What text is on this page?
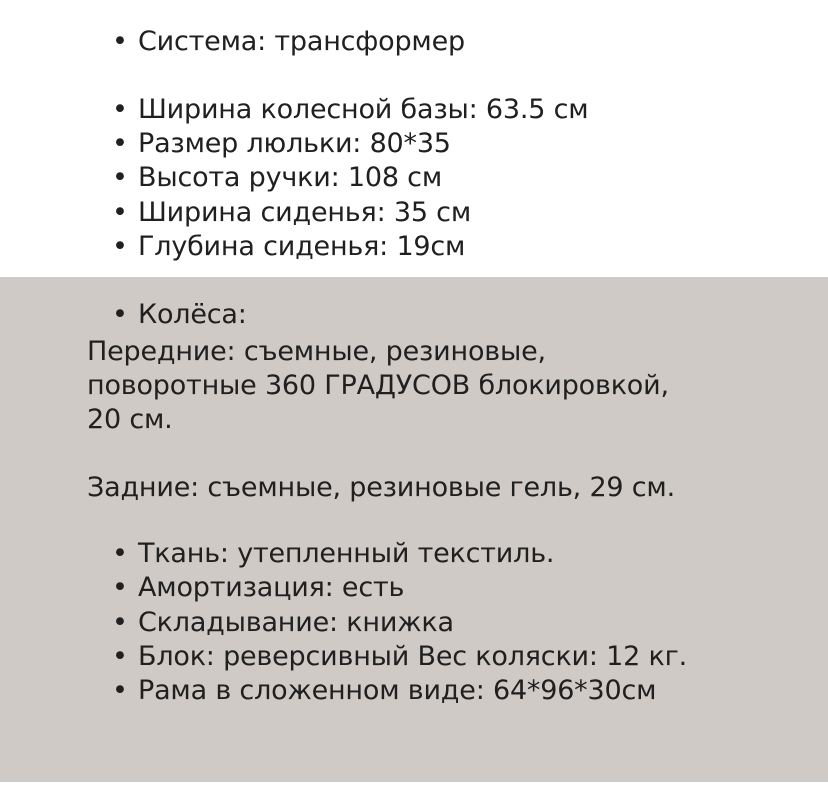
• Система: трансформер
• Ширина колесной базы: 63.5 см
• Размер люльки: 80*35
• Высота ручки: 108 см
• Ширина сиденья: 35 см
• Глубина сиденья: 19см
• Колёса:
Передние: съемные, резиновые,
поворотные 360 ГРАДУСОВ блокировкой,
20 см.
Задние: съемные, резиновые гель, 29 см.
• Ткань: утепленный текстиль.
• Амортизация: есть
• Складывание: книжка
• Блок: реверсивный Вес коляски: 12 кг.
• Рама в сложенном виде: 64*96*30см
